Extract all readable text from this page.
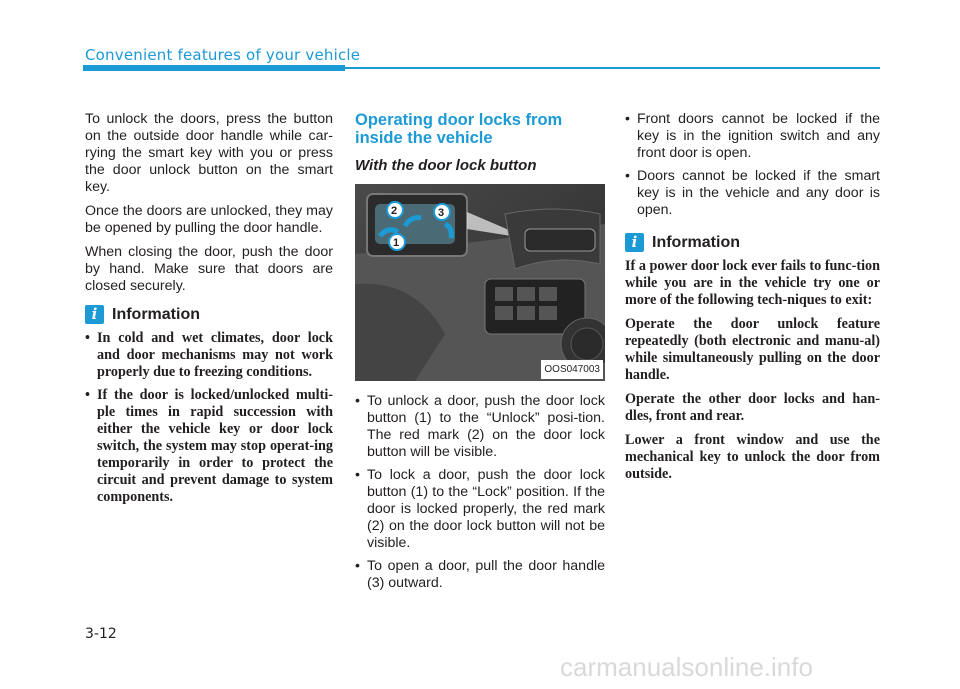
Convenient features of your vehicle

To unlock the doors, press the button on the outside door handle while car-rying the smart key with you or press the door unlock button on the smart key.

Once the doors are unlocked, they may be opened by pulling the door handle.

When closing the door, push the door by hand. Make sure that doors are closed securely.

i Information
• In cold and wet climates, door lock and door mechanisms may not work properly due to freezing conditions.
• If the door is locked/unlocked multi-ple times in rapid succession with either the vehicle key or door lock switch, the system may stop operat-ing temporarily in order to protect the circuit and prevent damage to system components.
Operating door locks from inside the vehicle
With the door lock button
2	3
1
OOS047003
• To unlock a door, push the door lock button (1) to the “Unlock” posi-tion. The red mark (2) on the door lock button will be visible.
• To lock a door, push the door lock button (1) to the “Lock” position. If the door is locked properly, the red mark (2) on the door lock button will not be visible.
• To open a door, pull the door handle (3) outward.
• Front doors cannot be locked if the key is in the ignition switch and any front door is open.
• Doors cannot be locked if the smart key is in the vehicle and any door is open.
i Information

If a power door lock ever fails to func-tion while you are in the vehicle try one or more of the following tech-niques to exit:

Operate the door unlock feature repeatedly (both electronic and manu-al) while simultaneously pulling on the door handle.

Operate the other door locks and han-dles, front and rear.

Lower a front window and use the mechanical key to unlock the door from outside.

3-12
carmanualsonline.info
